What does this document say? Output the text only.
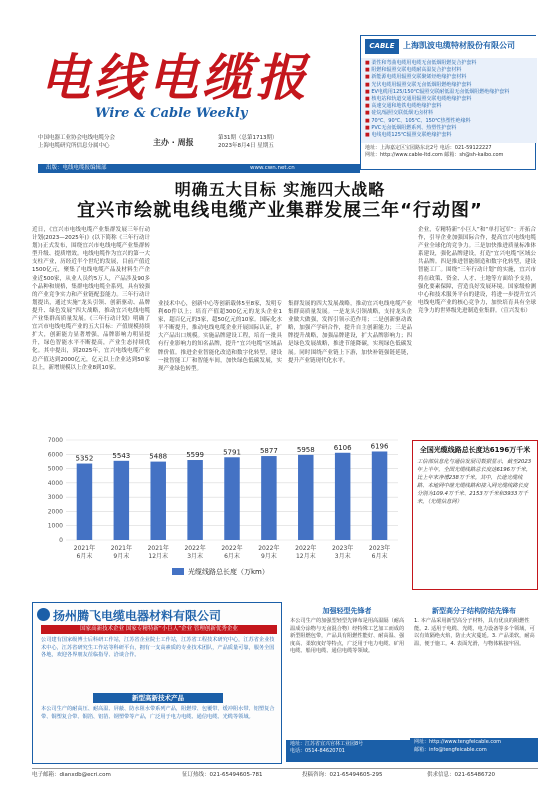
电线电缆报
Wire & Cable Weekly
中国电器工业协会电线电缆分会
上海电缆研究所信息分属中心	主办 · 周报	第31期（总第1713期）
2023年8月4日 星期五
出版：电线电缆报编辑部	www.cwn.net.cn
CABLE	上海凯波电缆特材股份有限公司
■ 柔性和弯曲电缆用电缆无卤低烟阻燃复合护套料
■ 阻燃和辐照交联电缆耐高温复合护套材料
■ 新能源电缆用辐照交联聚烯烃绝缘护套材料
■ 光伏电缆用辐照交联无卤低烟阻燃绝缘护套料
■ EV电缆用125/150℃辐照交联耐低温无卤低烟阻燃绝缘护套料
■ 核电站和轨道交通用辐照交联电缆绝缘护套料
■ 高速交通和地铁电缆绝缘护套料
■ 硅烷/辐照交联低烟无卤材料
■ 70℃、90℃、105℃、150℃热塑性绝缘料
■ PVC无卤低烟阻燃系列、热塑性护套料
■ 电线电缆125℃辐照交联绝缘护套料
地址：上海嘉定区宝园路东北2号 电话：021-59122227
网址：http://www.cable-ltd.com 邮箱：sh@sh-kaibo.com
明确五大目标 实施四大战略
宜兴市绘就电线电缆产业集群发展三年“行动图”
近日，《宜兴市电线电缆产业集群发展三年行动计划(2023—2025年)》(以下简称《三年行动计划》)正式发布，围绕宜兴市电线电缆产业集群转型升级、提质增效。电线电缆作为宜兴的第一大支柱产业，历经近半个世纪的发展，目前产值近1500亿元，聚集了电线电缆产品及材料生产企业近500家，从业人员约5万人，产品涉及90多个品种和规格，集群电线电缆全系列，具有较强的产业竞争实力和产业链配套能力。三年行动计划提出，通过实施“龙头引领、创新驱动、品牌提升、绿色发展”四大战略，推动宜兴电线电缆产业集群高质量发展。《三年行动计划》明确了宜兴市电线电缆产业的五大目标：产值规模持续扩大，创新能力显著增强，品牌影响力明显提升，绿色智能水平不断提高，产业生态持续优化。其中提出，到2025年，宜兴电线电缆产业总产值达到2000亿元，亿元以上企业达到50家以上，新增规模以上企业8到10家。
业技术中心，创新中心等创新载体5至8家，发明专利60件以上；培育产值超300亿元的龙头企业1家，超百亿元的3家，超50亿元的10家。国际化水平不断提升，推动电线电缆企业开展国际认证，扩大产品出口规模。实施品牌建设工程，培育一批具有行业影响力的知名品牌，提升“宜兴电缆”区域品牌价值。推进企业智能化改造和数字化转型，建设一批智能工厂和智能车间，加快绿色低碳发展，实现产业绿色转型。
集群发展的四大发展战略，推动宜兴电线电缆产业集群高质量发展。一是龙头引领战略，支持龙头企业做大做强，发挥引领示范作用；二是创新驱动战略，加强产学研合作，提升自主创新能力；三是品牌提升战略，加强品牌建设，扩大品牌影响力；四是绿色发展战略，推进节能降碳，实现绿色低碳发展。同时围绕产业链上下游，加快补链强链延链，提升产业链现代化水平。
企业，专精特新“小巨人”和“单打冠军”：开拓合作，引导企业加强国际合作，提高宜兴电线电缆产业全球化的竞争力。三是加快推进质量标准体系建设，强化品牌建设，打造“宜兴电缆”区域公共品牌。四是推进智能制造和数字化转型，建设智能工厂。围绕“三年行动计划”的实施，宜兴市将在政策、资金、人才、土地等方面给予支持，强化要素保障，营造良好发展环境。国家级检测中心和技术服务平台的建设，将进一步提升宜兴电线电缆产业的核心竞争力，加快培育具有全球竞争力的世界级先进制造业集群。（宣兴发布）
0
1000
2000
3000
4000
5000
6000
7000
5352
2021年
6月末
5543
2021年
9月末
5488
2021年
12月末
5599
2022年
3月末
5791
2022年
6月末
5877
2022年
9月末
5958
2022年
12月末
6106
2023年
3月末
6196
2023年
6月末
光缆线路总长度（万km）
全国光缆线路总长度达6196万千米
工信部信息化与通信发展司数据显示，截至2023年上半年，全国光缆线路总长度达6196万千米，比上年末净增238万千米。其中，长途光缆线路、本地网中继光缆线路和接入网光缆线路长度分别为109.4万千米、2153万千米和3933万千米。（光缆信息网）
扬州腾飞电缆电器材料有限公司
国家高新技术企业 国家专精特新“小巨人”企业 管理创新优秀企业
公司建有国家级博士后科研工作站，江苏省企业院士工作站，江苏省工程技术研究中心，江苏省企业技术中心，江苏省研究生工作站等科研平台，拥有一支高素质的专业技术团队，产品质量可靠，服务全国各地，欢迎各界朋友莅临指导、洽谈合作。
新型高新技术产品
本公司生产的耐高压、耐高温、屏蔽、防水阻水带系列产品，阻燃带、包覆带、缓冲阻水带、铝塑复合带、铜塑复合带、铜箔、铝箔、钢塑带等产品，广泛用于电力电缆、通信电缆、光缆等领域。
加强轻型先锋者
本公司生产的加强型轻型先锋布是用高温隔（耐高温成分涂物与无卤混合物）经特殊工艺加工而成的新型阻燃包带，产品具有阻燃性能好、耐高温、强度高、柔软度好等特点，广泛用于电力电缆、矿用电缆、船用电缆、通信电缆等领域。
地址：江苏省宜兴官林工业园8号
电话：0514-84620701
新型高分子结构防结先锋布
1. 本产品采用新型高分子材料，具有优良的阻燃性能。2. 适用于电缆、光缆、电力设备等多个领域，可以有效隔绝火焰，防止火灾蔓延。3. 产品柔软，耐高温，便于施工。4. 表面光滑，与物体粘接牢固。
网址：http://www.tengfeicable.com
邮箱：info@tengfeicable.com
电子邮箱：dianxdb@ecri.com	征订热线：021-65494605-781	投稿咨询：021-65494605-295	供求信息：021-65486720
